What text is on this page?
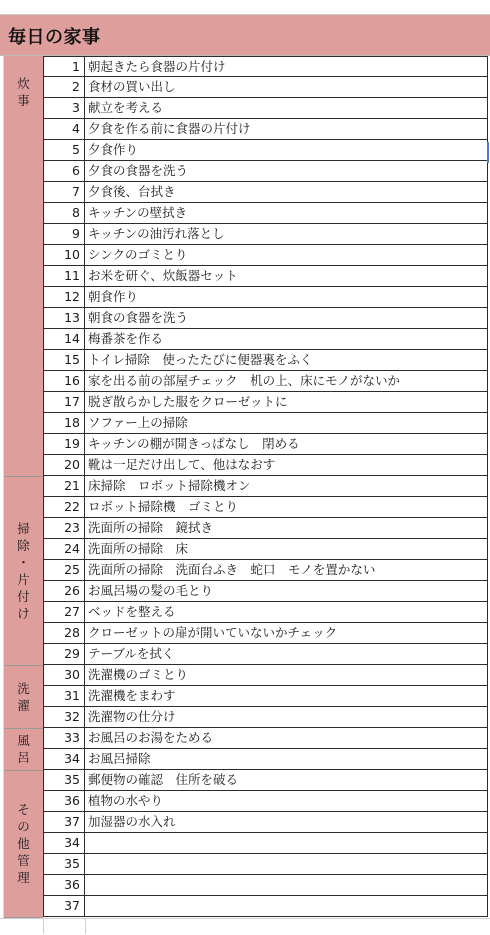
毎日の家事
1 朝起きたら食器の片付け
2 食材の買い出し
3 献立を考える
4 夕食を作る前に食器の片付け
5 夕食作り
6 夕食の食器を洗う
7 夕食後、台拭き
8 キッチンの壁拭き
9 キッチンの油汚れ落とし
10 シンクのゴミとり
11 お米を研ぐ、炊飯器セット
12 朝食作り
13 朝食の食器を洗う
14 梅番茶を作る
15 トイレ掃除　使ったたびに便器裏をふく
16 家を出る前の部屋チェック　机の上、床にモノがないか
17 脱ぎ散らかした服をクローゼットに
18 ソファー上の掃除
19 キッチンの棚が開きっぱなし　閉める
20 靴は一足だけ出して、他はなおす
21 床掃除　ロボット掃除機オン
22 ロボット掃除機　ゴミとり
23 洗面所の掃除　鏡拭き
24 洗面所の掃除　床
25 洗面所の掃除　洗面台ふき　蛇口　モノを置かない
26 お風呂場の髪の毛とり
27 ベッドを整える
28 クローゼットの扉が開いていないかチェック
29 テーブルを拭く
30 洗濯機のゴミとり
31 洗濯機をまわす
32 洗濯物の仕分け
33 お風呂のお湯をためる
34 お風呂掃除
35 郵便物の確認　住所を破る
36 植物の水やり
37 加湿器の水入れ
34
35
36
37
炊
事
掃
除
・
片
付
け
洗
濯
風
呂
そ
の
他
管
理
